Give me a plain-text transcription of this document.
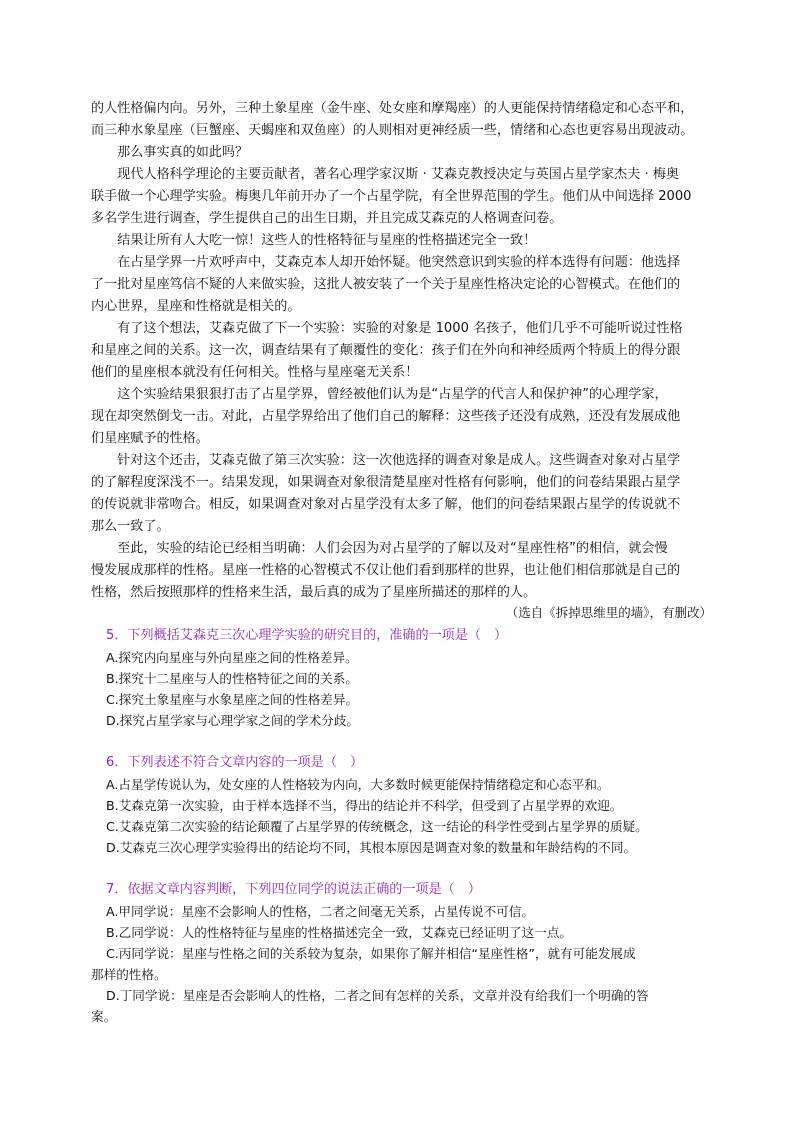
的人性格偏内向。另外，三种土象星座（金牛座、处女座和摩羯座）的人更能保持情绪稳定和心态平和，
而三种水象星座（巨蟹座、天蝎座和双鱼座）的人则相对更神经质一些，情绪和心态也更容易出现波动。
　　那么事实真的如此吗？
　　现代人格科学理论的主要贡献者，著名心理学家汉斯 · 艾森克教授决定与英国占星学家杰夫 · 梅奥
联手做一个心理学实验。梅奥几年前开办了一个占星学院，有全世界范围的学生。他们从中间选择 2000
多名学生进行调查，学生提供自己的出生日期，并且完成艾森克的人格调查问卷。
　　结果让所有人大吃一惊！这些人的性格特征与星座的性格描述完全一致！
　　在占星学界一片欢呼声中，艾森克本人却开始怀疑。他突然意识到实验的样本选得有问题：他选择
了一批对星座笃信不疑的人来做实验，这批人被安装了一个关于星座性格决定论的心智模式。在他们的
内心世界，星座和性格就是相关的。
　　有了这个想法，艾森克做了下一个实验：实验的对象是 1000 名孩子，他们几乎不可能听说过性格
和星座之间的关系。这一次，调查结果有了颠覆性的变化：孩子们在外向和神经质两个特质上的得分跟
他们的星座根本就没有任何相关。性格与星座毫无关系！
　　这个实验结果狠狠打击了占星学界，曾经被他们认为是“占星学的代言人和保护神”的心理学家，
现在却突然倒戈一击。对此，占星学界给出了他们自己的解释：这些孩子还没有成熟，还没有发展成他
们星座赋予的性格。
　　针对这个还击，艾森克做了第三次实验：这一次他选择的调查对象是成人。这些调查对象对占星学
的了解程度深浅不一。结果发现，如果调查对象很清楚星座对性格有何影响，他们的问卷结果跟占星学
的传说就非常吻合。相反，如果调查对象对占星学没有太多了解，他们的问卷结果跟占星学的传说就不
那么一致了。
　　至此，实验的结论已经相当明确：人们会因为对占星学的了解以及对“星座性格”的相信，就会慢
慢发展成那样的性格。星座一性格的心智模式不仅让他们看到那样的世界，也让他们相信那就是自己的
性格，然后按照那样的性格来生活，最后真的成为了星座所描述的那样的人。
（选自《拆掉思维里的墙》，有删改）
5．下列概括艾森克三次心理学实验的研究目的，准确的一项是（　）
A.探究内向星座与外向星座之间的性格差异。
B.探究十二星座与人的性格特征之间的关系。
C.探究土象星座与水象星座之间的性格差异。
D.探究占星学家与心理学家之间的学术分歧。
6．下列表述不符合文章内容的一项是（　）
A.占星学传说认为，处女座的人性格较为内向，大多数时候更能保持情绪稳定和心态平和。
B.艾森克第一次实验，由于样本选择不当，得出的结论并不科学，但受到了占星学界的欢迎。
C.艾森克第二次实验的结论颠覆了占星学界的传统概念，这一结论的科学性受到占星学界的质疑。
D.艾森克三次心理学实验得出的结论均不同，其根本原因是调查对象的数量和年龄结构的不同。
7．依据文章内容判断，下列四位同学的说法正确的一项是（　）
A.甲同学说：星座不会影响人的性格，二者之间毫无关系，占星传说不可信。
B.乙同学说：人的性格特征与星座的性格描述完全一致，艾森克已经证明了这一点。
C.丙同学说：星座与性格之间的关系较为复杂，如果你了解并相信“星座性格”，就有可能发展成
那样的性格。
D.丁同学说：星座是否会影响人的性格，二者之间有怎样的关系，文章并没有给我们一个明确的答
案。
